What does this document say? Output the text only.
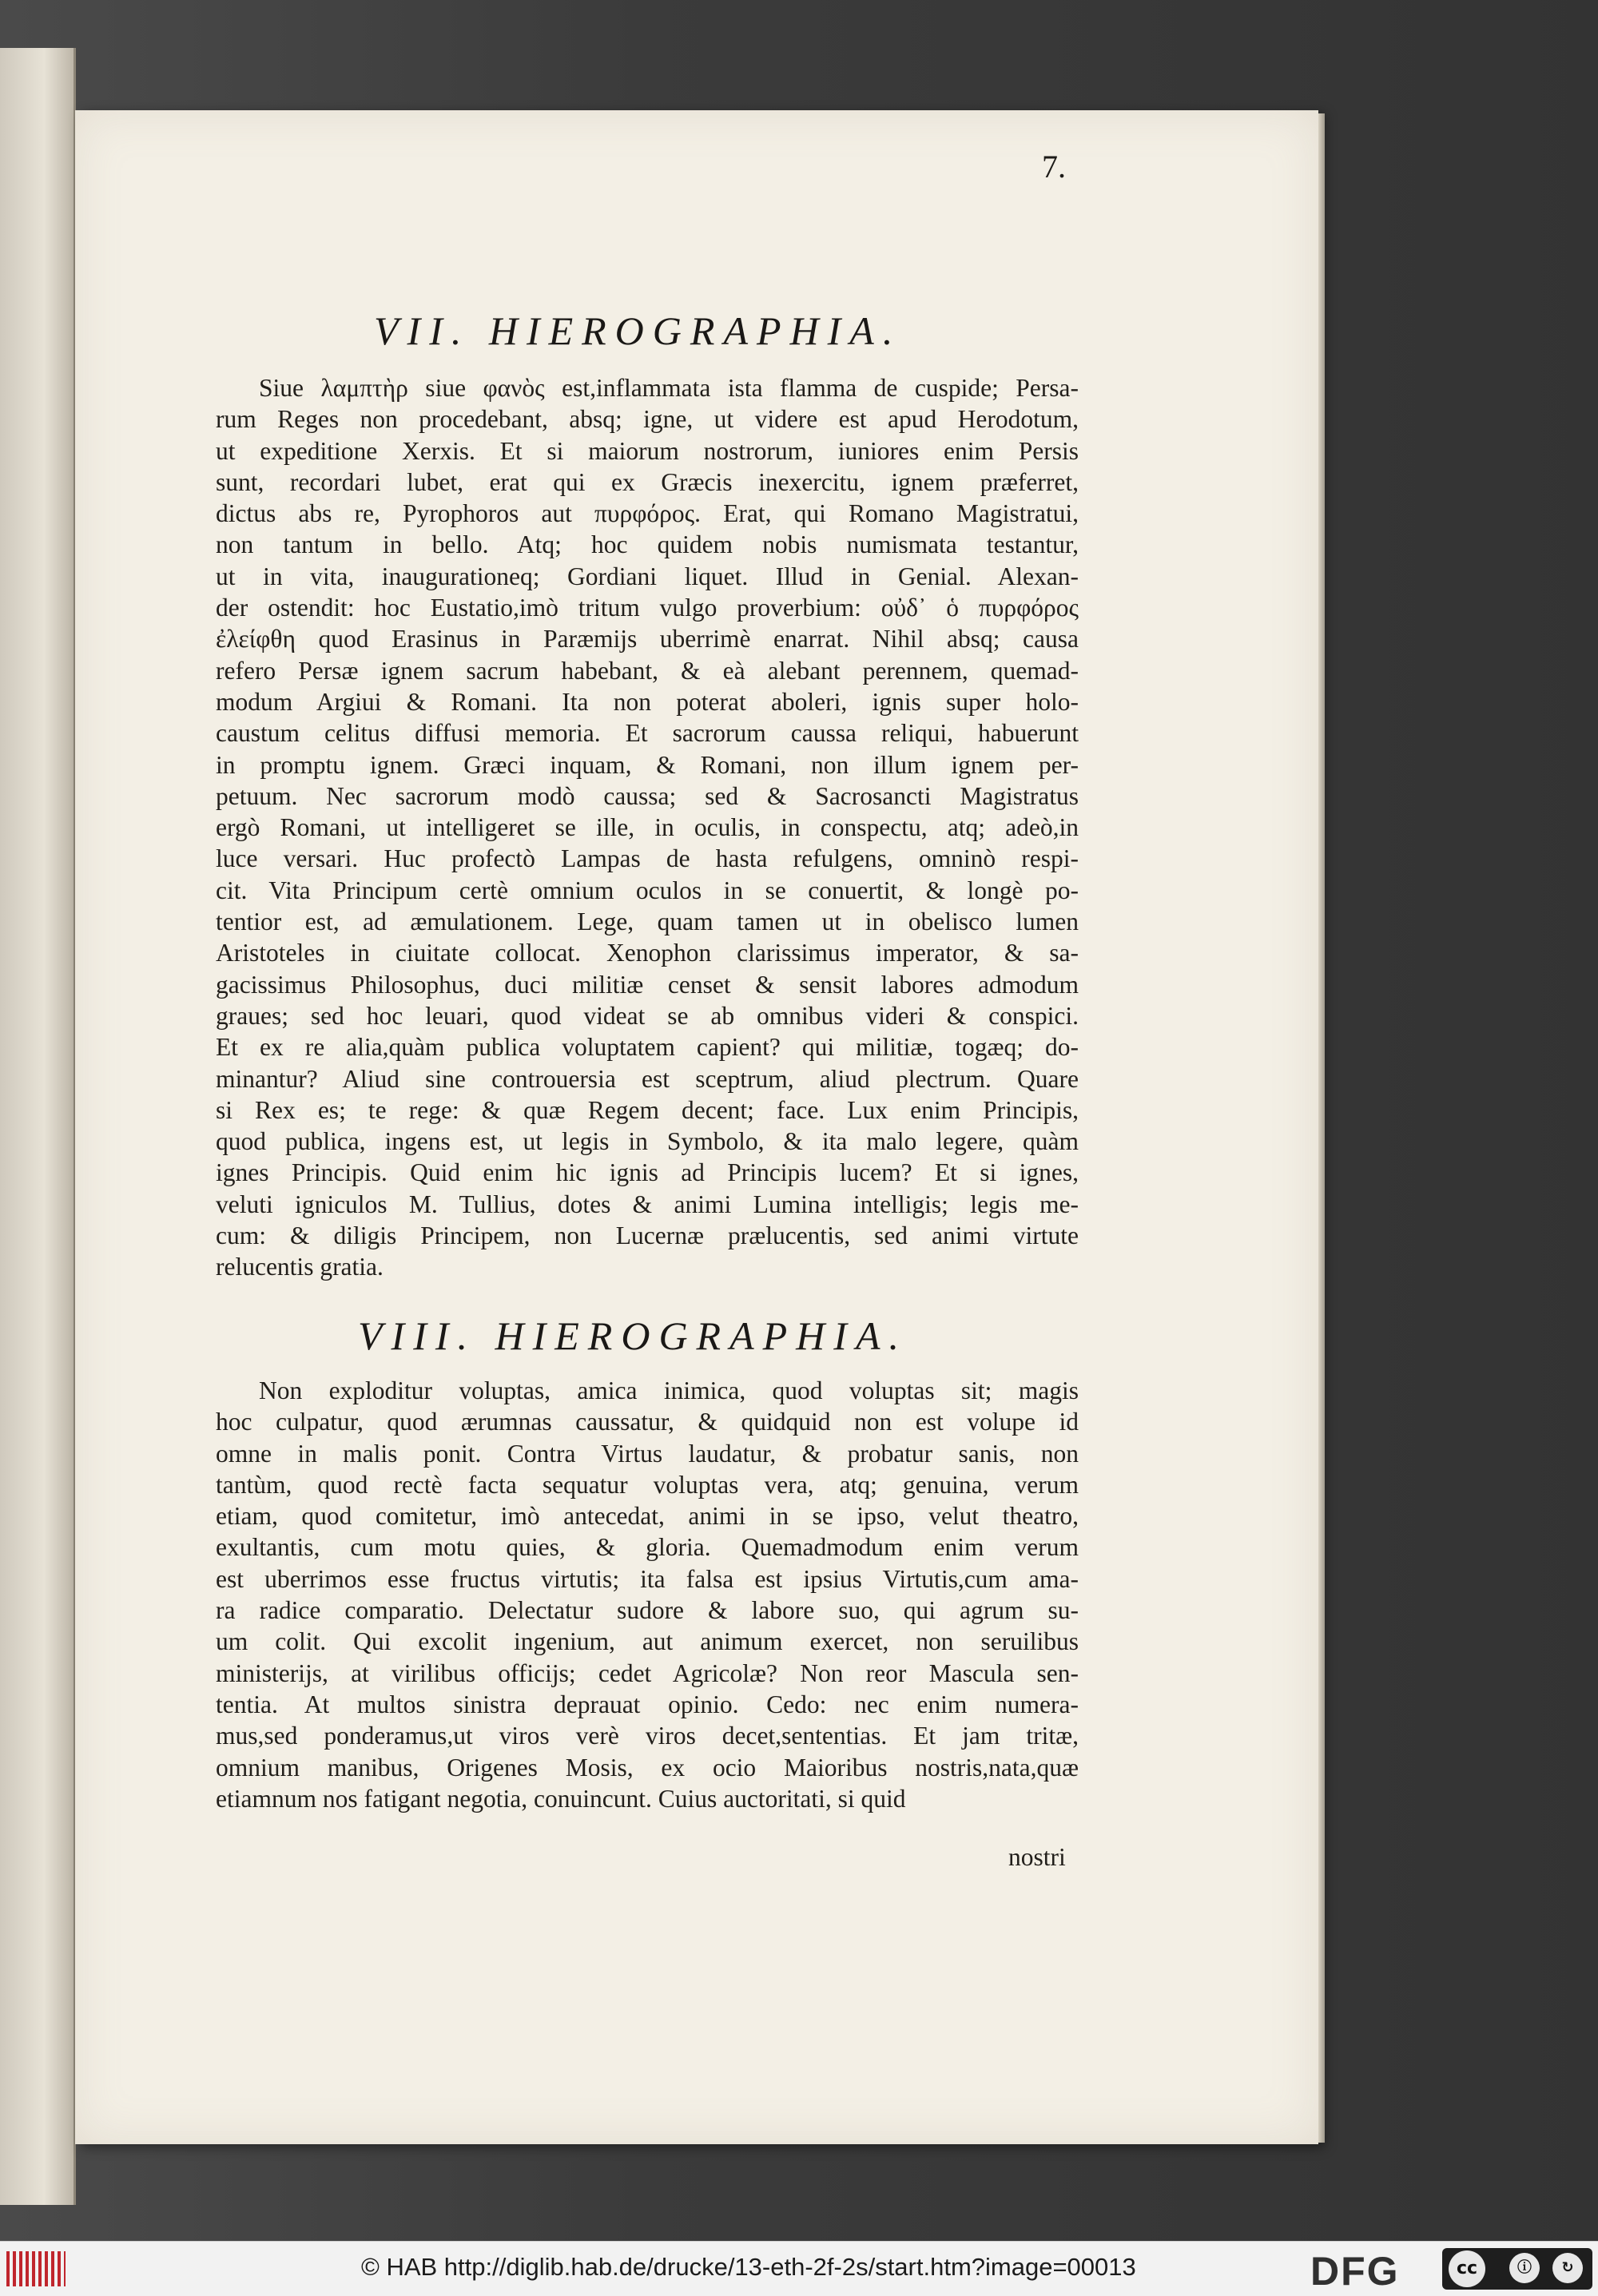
7.
VII. HIEROGRAPHIA.
Siue λαμπτὴρ siue φανὸς est,inflammata ista flamma de cuspide; Persa-
rum Reges non procedebant, absq; igne, ut videre est apud Herodotum,
ut expeditione Xerxis. Et si maiorum nostrorum, iuniores enim Persis
sunt, recordari lubet, erat qui ex Græcis inexercitu, ignem præferret,
dictus abs re, Pyrophoros aut πυρφόρος. Erat, qui Romano Magistratui,
non tantum in bello. Atq; hoc quidem nobis numismata testantur,
ut in vita, inaugurationeq; Gordiani liquet. Illud in Genial. Alexan-
der ostendit: hoc Eustatio,imò tritum vulgo proverbium: οὐδ᾽ ὁ πυρφόρος
ἐλείφθη quod Erasinus in Paræmijs uberrimè enarrat. Nihil absq; causa
refero Persæ ignem sacrum habebant, & eà alebant perennem, quemad-
modum Argiui & Romani. Ita non poterat aboleri, ignis super holo-
caustum celitus diffusi memoria. Et sacrorum caussa reliqui, habuerunt
in promptu ignem. Græci inquam, & Romani, non illum ignem per-
petuum. Nec sacrorum modò caussa; sed & Sacrosancti Magistratus
ergò Romani, ut intelligeret se ille, in oculis, in conspectu, atq; adeò,in
luce versari. Huc profectò Lampas de hasta refulgens, omninò respi-
cit. Vita Principum certè omnium oculos in se conuertit, & longè po-
tentior est, ad æmulationem. Lege, quam tamen ut in obelisco lumen
Aristoteles in ciuitate collocat. Xenophon clarissimus imperator, & sa-
gacissimus Philosophus, duci militiæ censet & sensit labores admodum
graues; sed hoc leuari, quod videat se ab omnibus videri & conspici.
Et ex re alia,quàm publica voluptatem capient? qui militiæ, togæq; do-
minantur? Aliud sine controuersia est sceptrum, aliud plectrum. Quare
si Rex es; te rege: & quæ Regem decent; face. Lux enim Principis,
quod publica, ingens est, ut legis in Symbolo, & ita malo legere, quàm
ignes Principis. Quid enim hic ignis ad Principis lucem? Et si ignes,
veluti igniculos M. Tullius, dotes & animi Lumina intelligis; legis me-
cum: & diligis Principem, non Lucernæ prælucentis, sed animi virtute
relucentis gratia.
VIII. HIEROGRAPHIA.
Non exploditur voluptas, amica inimica, quod voluptas sit; magis
hoc culpatur, quod ærumnas caussatur, & quidquid non est volupe id
omne in malis ponit. Contra Virtus laudatur, & probatur sanis, non
tantùm, quod rectè facta sequatur voluptas vera, atq; genuina, verum
etiam, quod comitetur, imò antecedat, animi in se ipso, velut theatro,
exultantis, cum motu quies, & gloria. Quemadmodum enim verum
est uberrimos esse fructus virtutis; ita falsa est ipsius Virtutis,cum ama-
ra radice comparatio. Delectatur sudore & labore suo, qui agrum su-
um colit. Qui excolit ingenium, aut animum exercet, non seruilibus
ministerijs, at virilibus officijs; cedet Agricolæ? Non reor Mascula sen-
tentia. At multos sinistra deprauat opinio. Cedo: nec enim numera-
mus,sed ponderamus,ut viros verè viros decet,sententias. Et jam tritæ,
omnium manibus, Origenes Mosis, ex ocio Maioribus nostris,nata,quæ
etiamnum nos fatigant negotia, conuincunt. Cuius auctoritati, si quid
nostri
© HAB http://diglib.hab.de/drucke/13-eth-2f-2s/start.htm?image=00013	DFG	cc	ⓘ	↻
